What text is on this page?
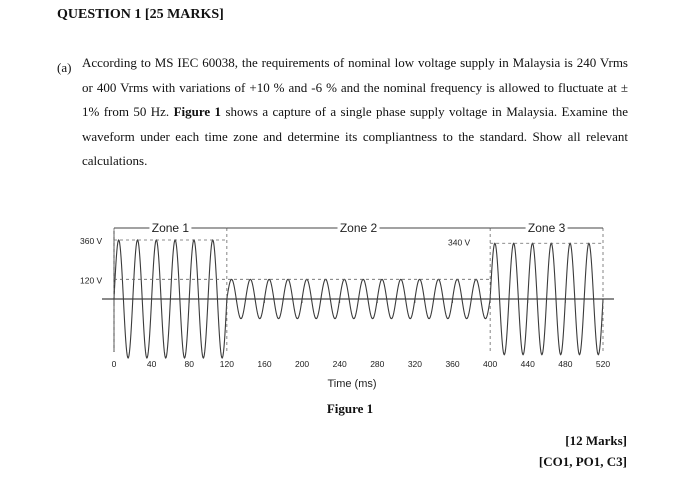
QUESTION 1 [25 MARKS]
(a) According to MS IEC 60038, the requirements of nominal low voltage supply in Malaysia is 240 Vrms or 400 Vrms with variations of +10 % and -6 % and the nominal frequency is allowed to fluctuate at ± 1% from 50 Hz. Figure 1 shows a capture of a single phase supply voltage in Malaysia. Examine the waveform under each time zone and determine its compliantness to the standard. Show all relevant calculations.
Zone 1	Zone 2	Zone 3
360 V
120 V
340 V
0	40	80	120	160	200	240	280	320	360	400	440	480	520
Time (ms)
Figure 1
[12 Marks]
[CO1, PO1, C3]
